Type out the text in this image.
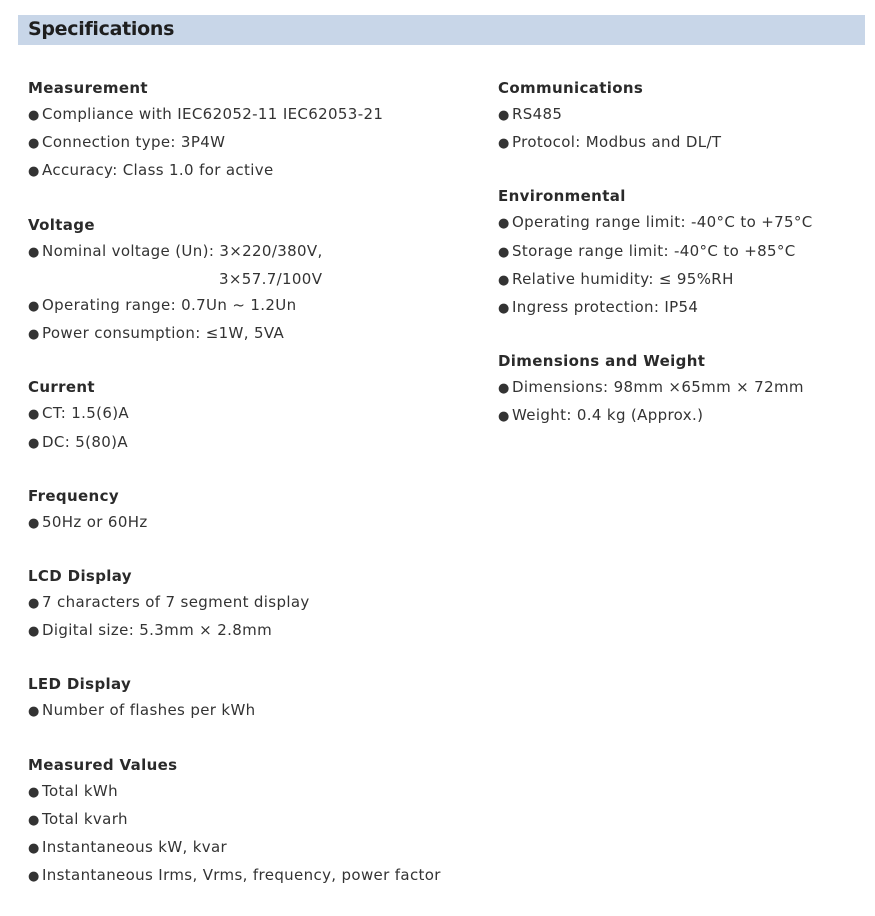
Specifications
Measurement
● Compliance with IEC62052-11 IEC62053-21
● Connection type: 3P4W
● Accuracy: Class 1.0 for active
Voltage
● Nominal voltage (Un): 3×220/380V,
3×57.7/100V
● Operating range: 0.7Un ~ 1.2Un
● Power consumption: ≤1W, 5VA
Current
● CT: 1.5(6)A
● DC: 5(80)A
Frequency
● 50Hz or 60Hz
LCD Display
● 7 characters of 7 segment display
● Digital size: 5.3mm × 2.8mm
LED Display
● Number of flashes per kWh
Measured Values
● Total kWh
● Total kvarh
● Instantaneous kW, kvar
● Instantaneous Irms, Vrms, frequency, power factor
Communications
● RS485
● Protocol: Modbus and DL/T
Environmental
● Operating range limit: -40°C to +75°C
● Storage range limit: -40°C to +85°C
● Relative humidity: ≤ 95%RH
● Ingress protection: IP54
Dimensions and Weight
● Dimensions: 98mm ×65mm × 72mm
● Weight: 0.4 kg (Approx.)
